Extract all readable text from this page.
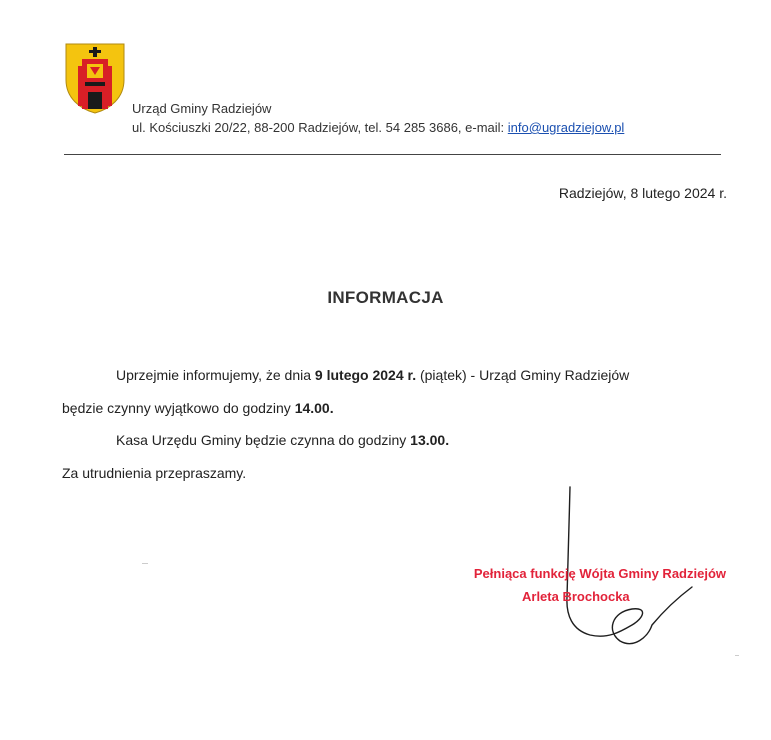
Urząd Gminy Radziejów
ul. Kościuszki 20/22, 88-200 Radziejów, tel. 54 285 3686, e-mail: info@ugradziejow.pl
Radziejów, 8 lutego 2024 r.
INFORMACJA
Uprzejmie informujemy, że dnia 9 lutego 2024 r. (piątek) - Urząd Gminy Radziejów
będzie czynny wyjątkowo do godziny 14.00.
Kasa Urzędu Gminy będzie czynna do godziny 13.00.
Za utrudnienia przepraszamy.
Pełniąca funkcję Wójta Gminy Radziejów
Arleta Brochocka
